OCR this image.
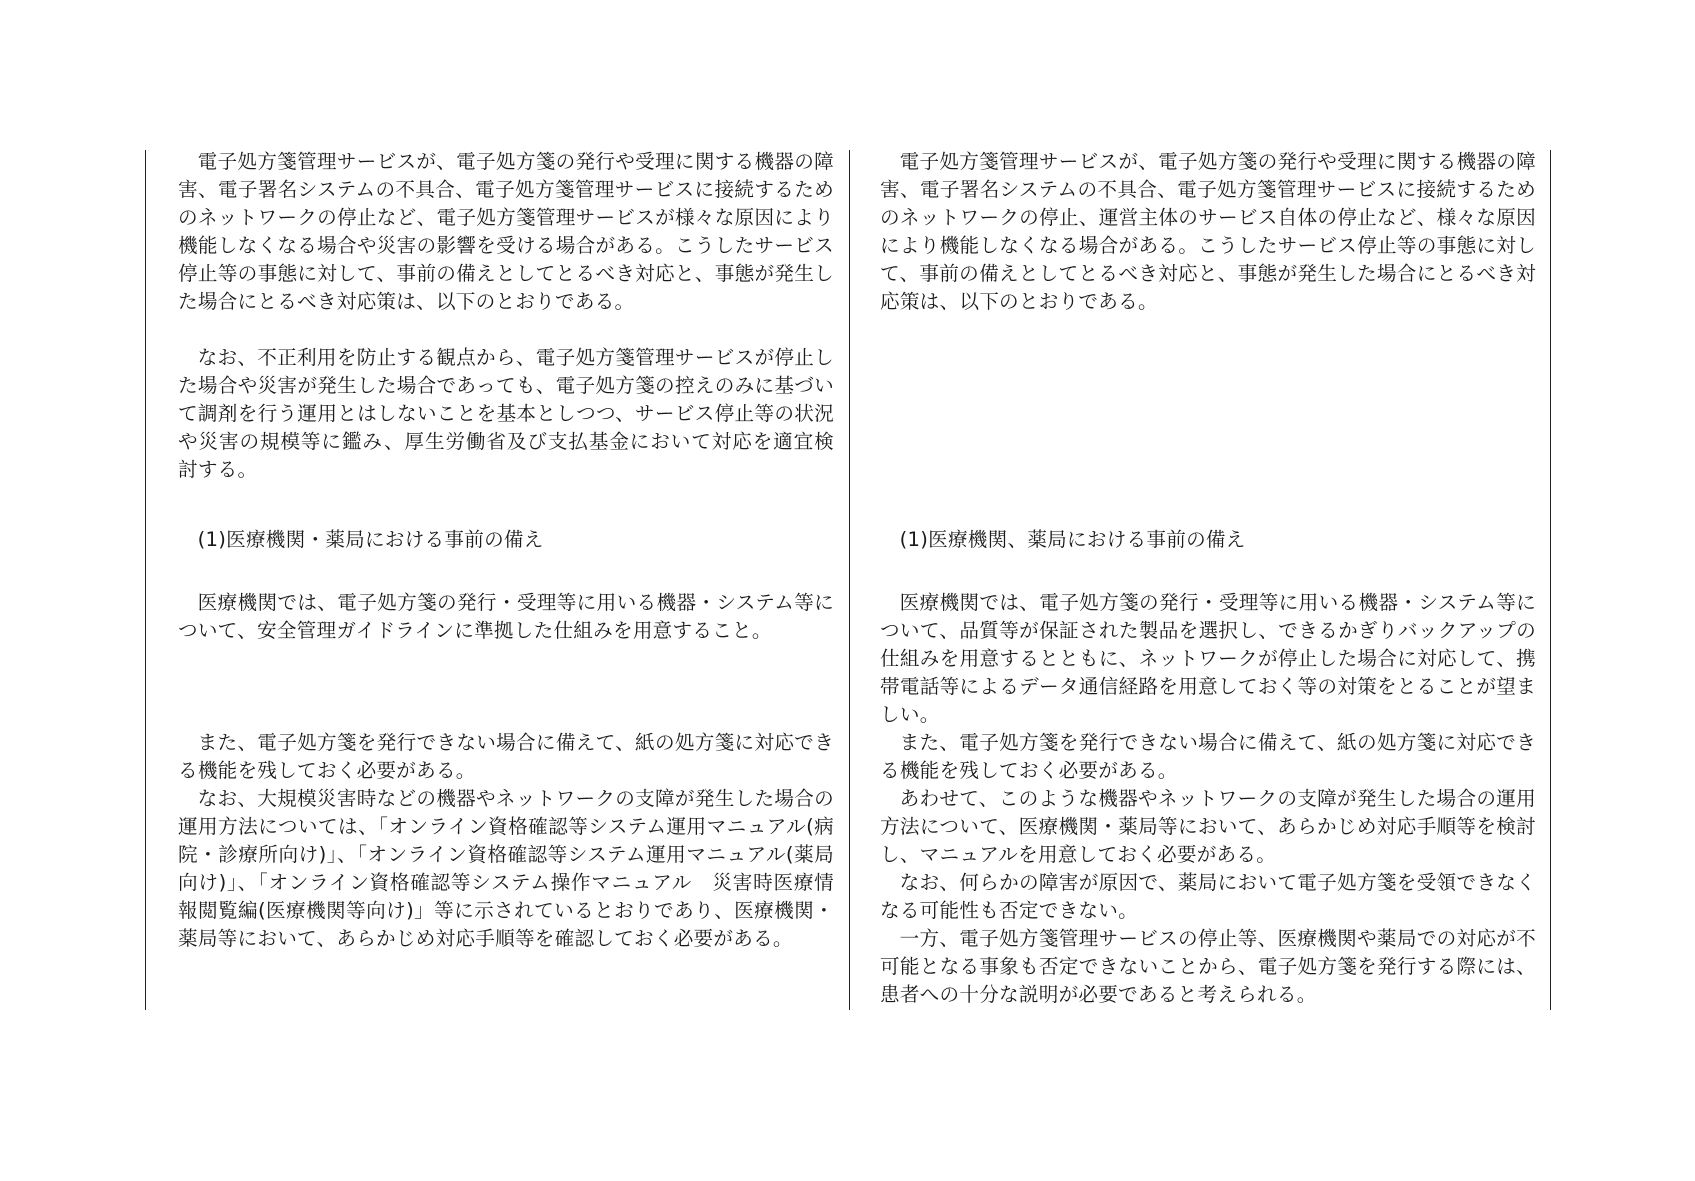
電子処方箋管理サービスが、電子処方箋の発行や受理に関する機器の障害、電子署名システムの不具合、電子処方箋管理サービスに接続するためのネットワークの停止など、電子処方箋管理サービスが様々な原因により機能しなくなる場合や災害の影響を受ける場合がある。こうしたサービス停止等の事態に対して、事前の備えとしてとるべき対応と、事態が発生した場合にとるべき対応策は、以下のとおりである。

なお、不正利用を防止する観点から、電子処方箋管理サービスが停止した場合や災害が発生した場合であっても、電子処方箋の控えのみに基づいて調剤を行う運用とはしないことを基本としつつ、サービス停止等の状況や災害の規模等に鑑み、厚生労働省及び支払基金において対応を適宜検討する。

(1)医療機関・薬局における事前の備え

医療機関では、電子処方箋の発行・受理等に用いる機器・システム等について、安全管理ガイドラインに準拠した仕組みを用意すること。

また、電子処方箋を発行できない場合に備えて、紙の処方箋に対応できる機能を残しておく必要がある。

なお、大規模災害時などの機器やネットワークの支障が発生した場合の運用方法については、「オンライン資格確認等システム運用マニュアル(病院・診療所向け)」、「オンライン資格確認等システム運用マニュアル(薬局向け)」、「オンライン資格確認等システム操作マニュアル　災害時医療情報閲覧編(医療機関等向け)」等に示されているとおりであり、医療機関・薬局等において、あらかじめ対応手順等を確認しておく必要がある。

電子処方箋管理サービスが、電子処方箋の発行や受理に関する機器の障害、電子署名システムの不具合、電子処方箋管理サービスに接続するためのネットワークの停止、運営主体のサービス自体の停止など、様々な原因により機能しなくなる場合がある。こうしたサービス停止等の事態に対して、事前の備えとしてとるべき対応と、事態が発生した場合にとるべき対応策は、以下のとおりである。

(1)医療機関、薬局における事前の備え

医療機関では、電子処方箋の発行・受理等に用いる機器・システム等について、品質等が保証された製品を選択し、できるかぎりバックアップの仕組みを用意するとともに、ネットワークが停止した場合に対応して、携帯電話等によるデータ通信経路を用意しておく等の対策をとることが望ましい。

また、電子処方箋を発行できない場合に備えて、紙の処方箋に対応できる機能を残しておく必要がある。

あわせて、このような機器やネットワークの支障が発生した場合の運用方法について、医療機関・薬局等において、あらかじめ対応手順等を検討し、マニュアルを用意しておく必要がある。

なお、何らかの障害が原因で、薬局において電子処方箋を受領できなくなる可能性も否定できない。

一方、電子処方箋管理サービスの停止等、医療機関や薬局での対応が不可能となる事象も否定できないことから、電子処方箋を発行する際には、患者への十分な説明が必要であると考えられる。
